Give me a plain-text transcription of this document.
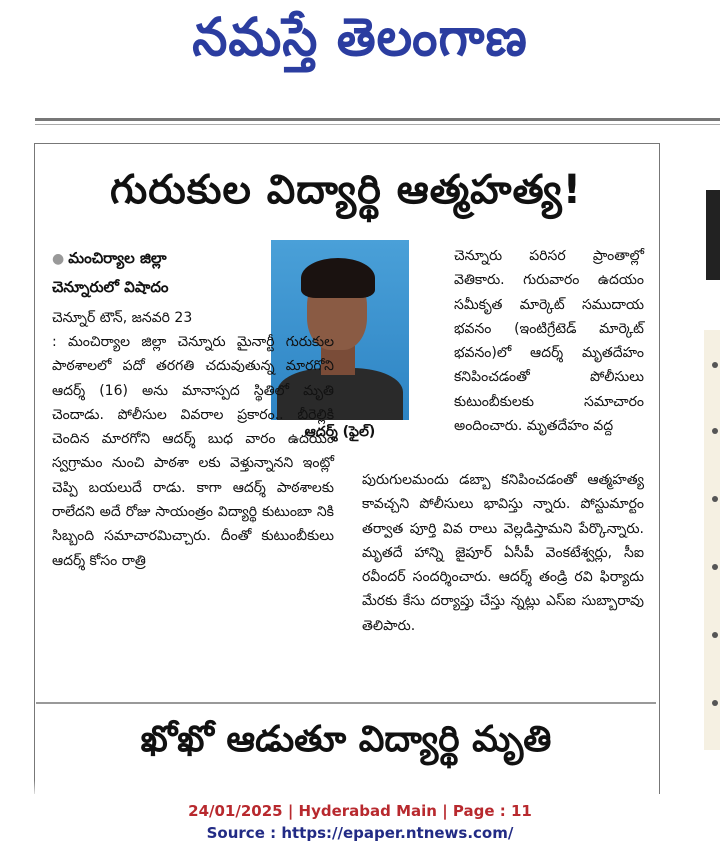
నమస్తే తెలంగాణ
గురుకుల విద్యార్థి ఆత్మహత్య!
● మంచిర్యాల జిల్లా
చెన్నూరులో విషాదం
ఆదర్శ్ (ఫైల్)
చెన్నూర్ టౌన్, జనవరి 23
: మంచిర్యాల జిల్లా చెన్నూరు మైనార్టీ గురుకుల పాఠశాలలో పదో తరగతి చదువుతున్న మారగోని ఆదర్శ్ (16) అను మానాస్పద స్థితిలో మృతి చెందాడు. పోలీసుల వివరాల ప్రకారం.. బీరెల్లికి చెందిన మారగోని ఆదర్శ్ బుధ వారం ఉదయం స్వగ్రామం నుంచి పాఠశా లకు వెళ్తున్నానని ఇంట్లో చెప్పి బయలుదే రాడు. కాగా ఆదర్శ్ పాఠశాలకు రాలేదని అదే రోజు సాయంత్రం విద్యార్థి కుటుంబా నికి సిబ్బంది సమాచారమిచ్చారు. దీంతో కుటుంబీకులు ఆదర్శ్ కోసం రాత్రి
చెన్నూరు పరిసర ప్రాంతాల్లో వెతికారు. గురువారం ఉదయం సమీకృత మార్కెట్ సముదాయ భవనం (ఇంటిగ్రేటెడ్ మార్కెట్ భవనం)లో ఆదర్శ్ మృతదేహం కనిపించడంతో పోలీసులు కుటుంబీకులకు సమాచారం అందించారు. మృతదేహం వద్ద
పురుగులమందు డబ్బా కనిపించడంతో ఆత్మహత్య కావచ్చని పోలీసులు భావిస్తు న్నారు. పోస్టుమార్టం తర్వాత పూర్తి వివ రాలు వెల్లడిస్తామని పేర్కొన్నారు. మృతదే హాన్ని జైపూర్ ఏసీపీ వెంకటేశ్వర్లు, సీఐ రవీందర్ సందర్శించారు. ఆదర్శ్ తండ్రి రవి ఫిర్యాదు మేరకు కేసు దర్యాప్తు చేస్తు న్నట్లు ఎస్ఐ సుబ్బారావు తెలిపారు.
ఖోఖో ఆడుతూ విద్యార్థి మృతి
24/01/2025 | Hyderabad Main | Page : 11
Source : https://epaper.ntnews.com/
